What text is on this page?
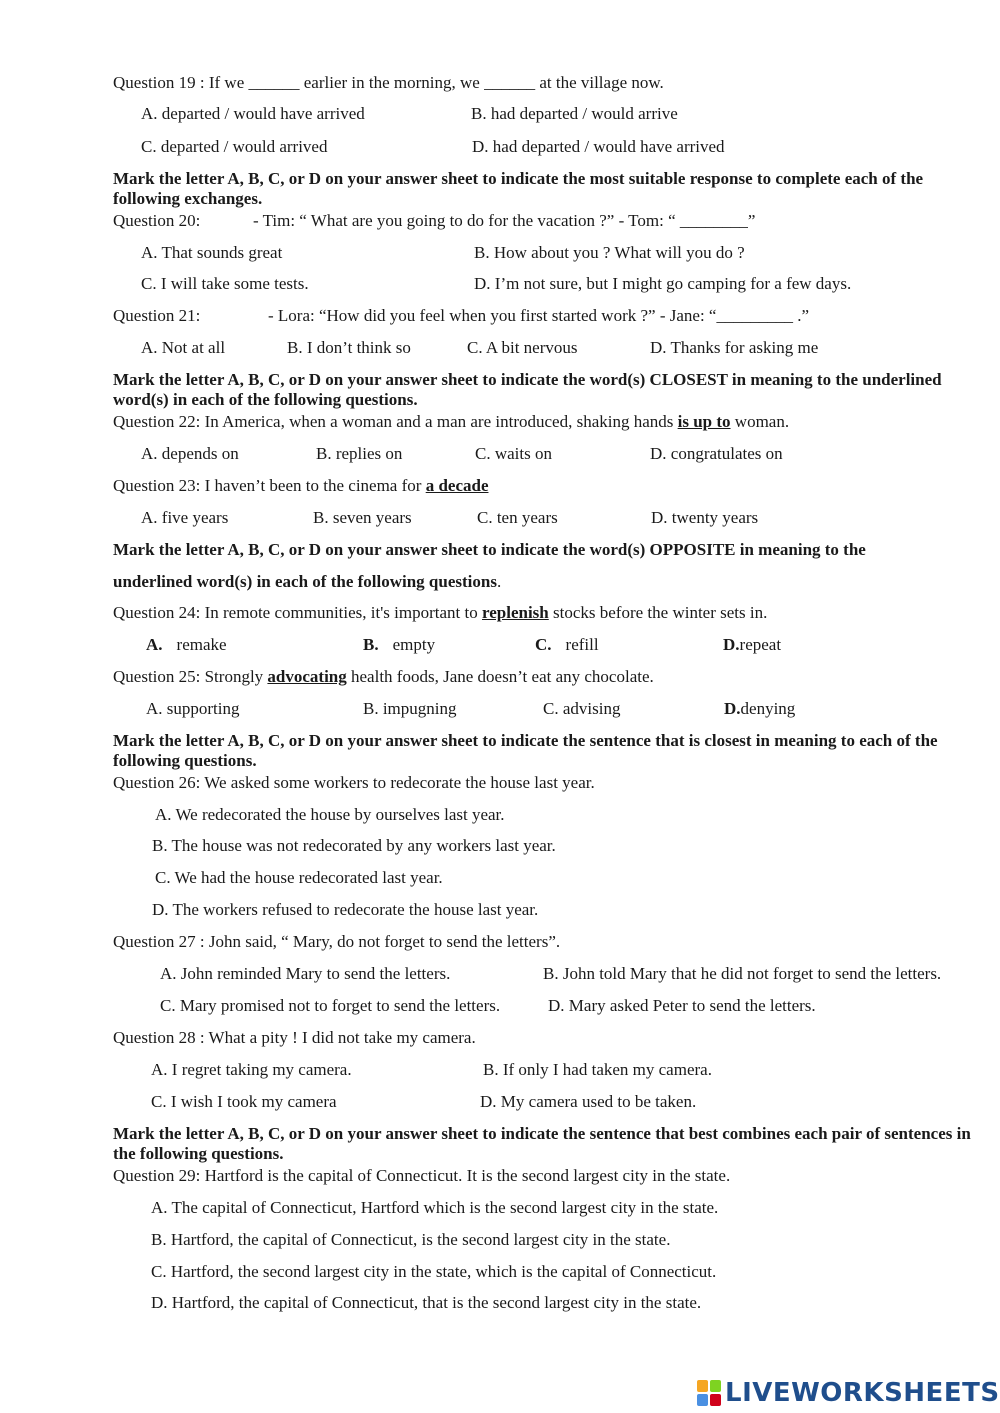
Question 19 : If we ______ earlier in the morning, we ______ at the village now.
A. departed / would have arrived	B. had departed / would arrive
C. departed / would arrived	D. had departed / would have arrived
Mark the letter A, B, C, or D on your answer sheet to indicate the most suitable response to complete each of the following exchanges.
Question 20:	- Tim: “ What are you going to do for the vacation ?” - Tom: “ ________”
A. That sounds great	B. How about you ? What will you do ?
C. I will take some tests.	D. I’m not sure, but I might go camping for a few days.
Question 21:	- Lora: “How did you feel when you first started work ?” - Jane: “_________ .”
A. Not at all	B. I don’t think so	C. A bit nervous	D. Thanks for asking me
Mark the letter A, B, C, or D on your answer sheet to indicate the word(s) CLOSEST in meaning to the underlined word(s) in each of the following questions.
Question 22: In America, when a woman and a man are introduced, shaking hands is up to woman.
A. depends on	B. replies on	C. waits on	D. congratulates on
Question 23: I haven’t been to the cinema for a decade
A. five years	B. seven years	C. ten years	D. twenty years
Mark the letter A, B, C, or D on your answer sheet to indicate the word(s) OPPOSITE in meaning to the
underlined word(s) in each of the following questions.
Question 24: In remote communities, it's important to replenish stocks before the winter sets in.
A. remake	B. empty	C. refill	D.repeat
Question 25: Strongly advocating health foods, Jane doesn’t eat any chocolate.
A. supporting	B. impugning	C. advising	D.denying
Mark the letter A, B, C, or D on your answer sheet to indicate the sentence that is closest in meaning to each of the following questions.
Question 26: We asked some workers to redecorate the house last year.
A. We redecorated the house by ourselves last year.
B. The house was not redecorated by any workers last year.
C. We had the house redecorated last year.
D. The workers refused to redecorate the house last year.
Question 27 : John said, “ Mary, do not forget to send the letters”.
A. John reminded Mary to send the letters.	B. John told Mary that he did not forget to send the letters.
C. Mary promised not to forget to send the letters.	D. Mary asked Peter to send the letters.
Question 28 : What a pity ! I did not take my camera.
A. I regret taking my camera.	B. If only I had taken my camera.
C. I wish I took my camera	D. My camera used to be taken.
Mark the letter A, B, C, or D on your answer sheet to indicate the sentence that best combines each pair of sentences in the following questions.
Question 29: Hartford is the capital of Connecticut. It is the second largest city in the state.
A. The capital of Connecticut, Hartford which is the second largest city in the state.
B. Hartford, the capital of Connecticut, is the second largest city in the state.
C. Hartford, the second largest city in the state, which is the capital of Connecticut.
D. Hartford, the capital of Connecticut, that is the second largest city in the state.
LIVEWORKSHEETS
